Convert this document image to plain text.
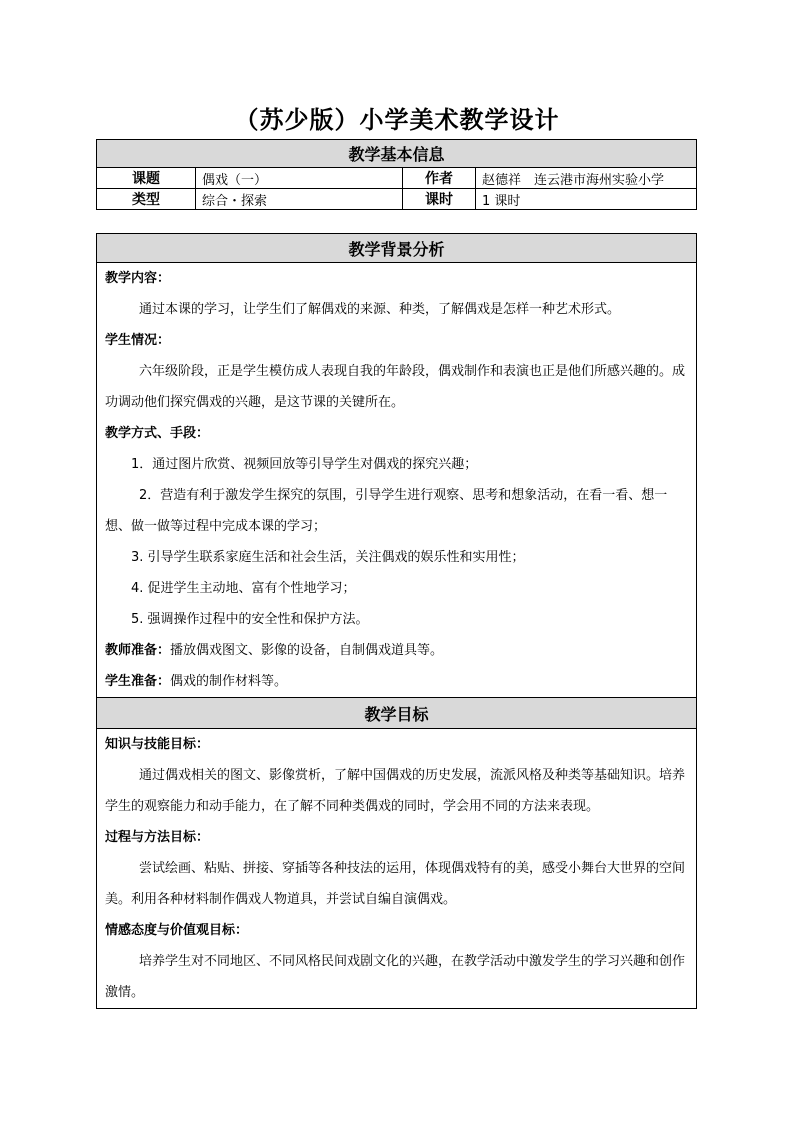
（苏少版）小学美术教学设计
教学基本信息			
课题	偶戏（一）	作者	赵德祥　连云港市海州实验小学
类型	综合・探索	课时	1 课时
教学背景分析

教学内容：
通过本课的学习，让学生们了解偶戏的来源、种类，了解偶戏是怎样一种艺术形式。
学生情况：
六年级阶段，正是学生模仿成人表现自我的年龄段，偶戏制作和表演也正是他们所感兴趣的。成功调动他们探究偶戏的兴趣，是这节课的关键所在。
教学方式、手段：
1．通过图片欣赏、视频回放等引导学生对偶戏的探究兴趣；
2．营造有利于激发学生探究的氛围，引导学生进行观察、思考和想象活动，在看一看、想一想、做一做等过程中完成本课的学习；
3. 引导学生联系家庭生活和社会生活，关注偶戏的娱乐性和实用性；
4. 促进学生主动地、富有个性地学习；
5. 强调操作过程中的安全性和保护方法。
教师准备：播放偶戏图文、影像的设备，自制偶戏道具等。
学生准备：偶戏的制作材料等。

教学目标

知识与技能目标：
通过偶戏相关的图文、影像赏析，了解中国偶戏的历史发展，流派风格及种类等基础知识。培养学生的观察能力和动手能力，在了解不同种类偶戏的同时，学会用不同的方法来表现。
过程与方法目标：
尝试绘画、粘贴、拼接、穿插等各种技法的运用，体现偶戏特有的美，感受小舞台大世界的空间美。利用各种材料制作偶戏人物道具，并尝试自编自演偶戏。
情感态度与价值观目标：
培养学生对不同地区、不同风格民间戏剧文化的兴趣，在教学活动中激发学生的学习兴趣和创作激情。
